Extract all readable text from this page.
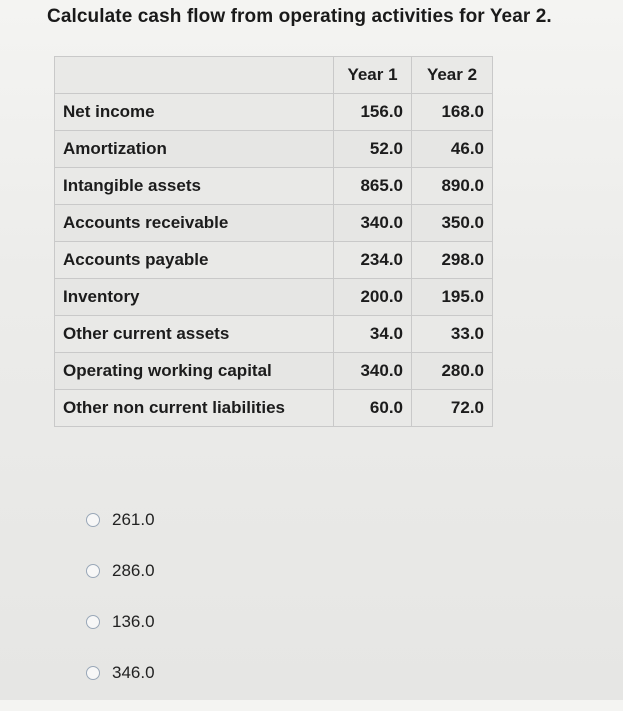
Calculate cash flow from operating activities for Year 2.
	Year 1	Year 2
Net income	156.0	168.0
Amortization	52.0	46.0
Intangible assets	865.0	890.0
Accounts receivable	340.0	350.0
Accounts payable	234.0	298.0
Inventory	200.0	195.0
Other current assets	34.0	33.0
Operating working capital	340.0	280.0
Other non current liabilities	60.0	72.0
261.0
286.0
136.0
346.0
